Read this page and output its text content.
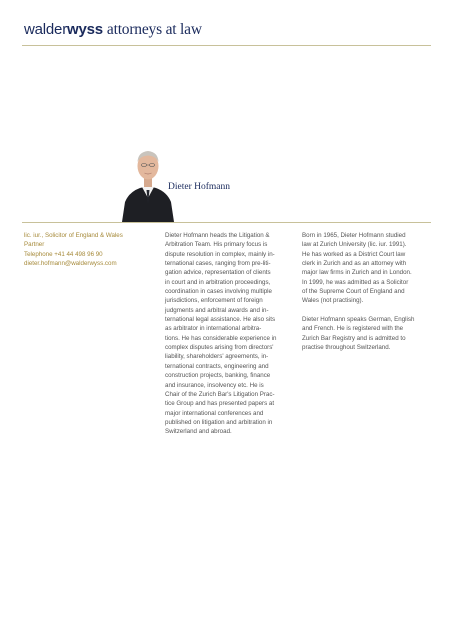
walderwyss attorneys at law
Dieter Hofmann
lic. iur., Solicitor of England & Wales
Partner
Telephone +41 44 498 96 90
dieter.hofmann@walderwyss.com
Dieter Hofmann heads the Litigation &
Arbitration Team. His primary focus is
dispute resolution in complex, mainly in-
ternational cases, ranging from pre-liti-
gation advice, representation of clients
in court and in arbitration proceedings,
coordination in cases involving multiple
jurisdictions, enforcement of foreign
judgments and arbitral awards and in-
ternational legal assistance. He also sits
as arbitrator in international arbitra-
tions. He has considerable experience in
complex disputes arising from directors'
liability, shareholders' agreements, in-
ternational contracts, engineering and
construction projects, banking, finance
and insurance, insolvency etc. He is
Chair of the Zurich Bar's Litigation Prac-
tice Group and has presented papers at
major international conferences and
published on litigation and arbitration in
Switzerland and abroad.

Born in 1965, Dieter Hofmann studied
law at Zurich University (lic. iur. 1991).
He has worked as a District Court law
clerk in Zurich and as an attorney with
major law firms in Zurich and in London.
In 1999, he was admitted as a Solicitor
of the Supreme Court of England and
Wales (not practising).

Dieter Hofmann speaks German, English
and French. He is registered with the
Zurich Bar Registry and is admitted to
practise throughout Switzerland.
